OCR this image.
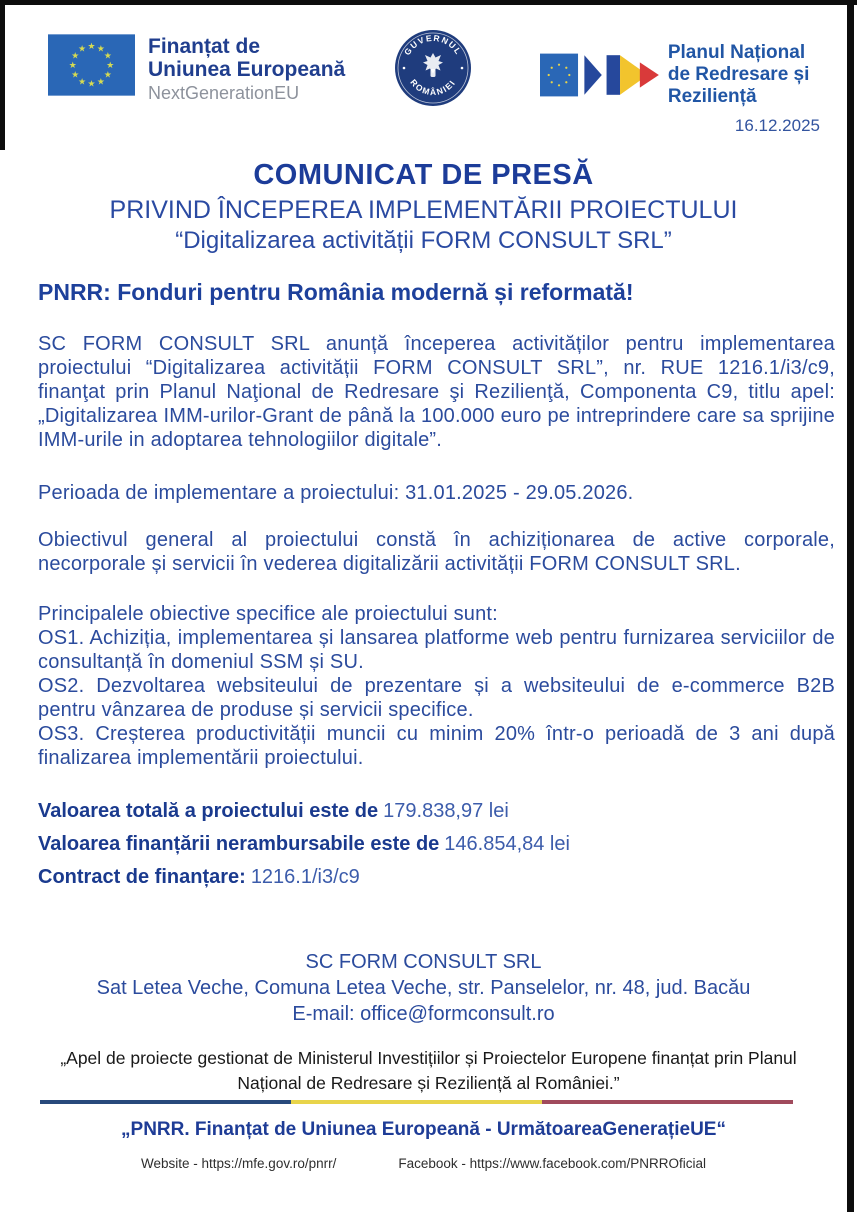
★ ★
★
★
★
★
★
★
★
★
★
★	Finanțat de
Uniunea Europeană
NextGenerationEU
GUVERNUL
ROMÂNIEI
Planul Național
de Redresare și Reziliență
16.12.2025
COMUNICAT DE PRESĂ
PRIVIND ÎNCEPEREA IMPLEMENTĂRII PROIECTULUI
“Digitalizarea activității FORM CONSULT SRL”
PNRR: Fonduri pentru România modernă și reformată!
SC FORM CONSULT SRL anunță începerea activităților pentru implementarea proiectului “Digitalizarea activității FORM CONSULT SRL”, nr. RUE 1216.1/i3/c9, finanţat prin Planul Naţional de Redresare şi Rezilienţă, Componenta C9, titlu apel: „Digitalizarea IMM-urilor-Grant de până la 100.000 euro pe intreprindere care sa sprijine IMM-urile in adoptarea tehnologiilor digitale”.
Perioada de implementare a proiectului: 31.01.2025 - 29.05.2026.
Obiectivul general al proiectului constă în achiziționarea de active corporale, necorporale și servicii în vederea digitalizării activității FORM CONSULT SRL.
Principalele obiective specifice ale proiectului sunt:
OS1. Achiziția, implementarea și lansarea platforme web pentru furnizarea serviciilor de consultanță în domeniul SSM și SU.
OS2. Dezvoltarea websiteului de prezentare și a websiteului de e-commerce B2B pentru vânzarea de produse și servicii specifice.
OS3. Creșterea productivității muncii cu minim 20% într-o perioadă de 3 ani după finalizarea implementării proiectului.
Valoarea totală a proiectului este de 179.838,97 lei
Valoarea finanțării nerambursabile este de 146.854,84 lei
Contract de finanțare: 1216.1/i3/c9
SC FORM CONSULT SRL
Sat Letea Veche, Comuna Letea Veche, str. Panselelor, nr. 48, jud. Bacău
E-mail: office@formconsult.ro
„Apel de proiecte gestionat de Ministerul Investițiilor și Proiectelor Europene finanțat prin Planul Național de Redresare și Reziliență al României.”
„PNRR. Finanțat de Uniunea Europeană - UrmătoareaGenerațieUE“
Website - https://mfe.gov.ro/pnrr/	Facebook - https://www.facebook.com/PNRROficial
